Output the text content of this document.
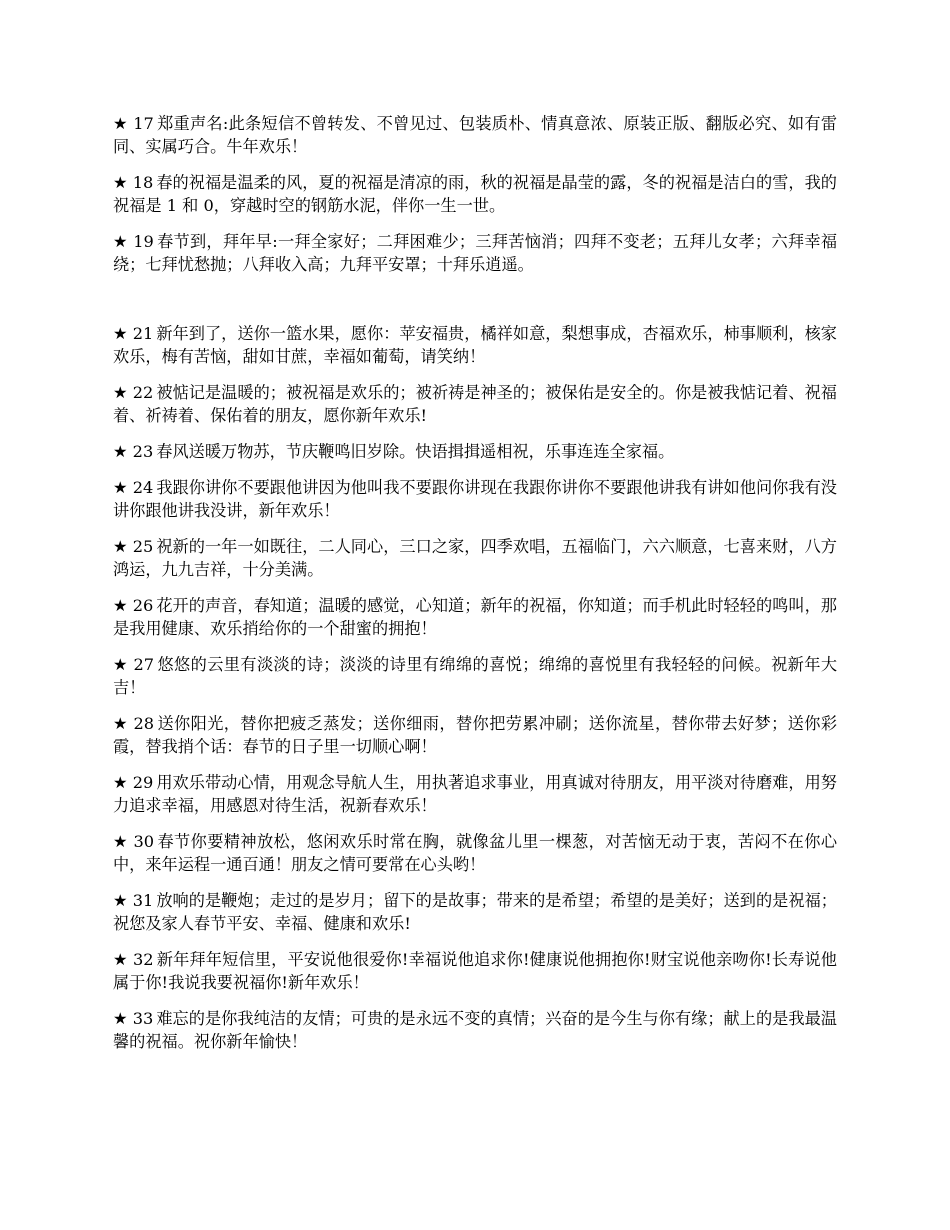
★ 17 郑重声名:此条短信不曾转发、不曾见过、包装质朴、情真意浓、原装正版、翻版必究、如有雷同、实属巧合。牛年欢乐！

★ 18 春的祝福是温柔的风，夏的祝福是清凉的雨，秋的祝福是晶莹的露，冬的祝福是洁白的雪，我的祝福是 1 和 0，穿越时空的钢筋水泥，伴你一生一世。

★ 19 春节到，拜年早:一拜全家好；二拜困难少；三拜苦恼消；四拜不变老；五拜儿女孝；六拜幸福绕；七拜忧愁抛；八拜收入高；九拜平安罩；十拜乐逍遥。

★ 21 新年到了，送你一篮水果，愿你：苹安福贵，橘祥如意，梨想事成，杏福欢乐，柿事顺利，核家欢乐，梅有苦恼，甜如甘蔗，幸福如葡萄，请笑纳！

★ 22 被惦记是温暖的；被祝福是欢乐的；被祈祷是神圣的；被保佑是安全的。你是被我惦记着、祝福着、祈祷着、保佑着的朋友，愿你新年欢乐!

★ 23 春风送暖万物苏，节庆鞭鸣旧岁除。快语揖揖遥相祝，乐事连连全家福。

★ 24 我跟你讲你不要跟他讲因为他叫我不要跟你讲现在我跟你讲你不要跟他讲我有讲如他问你我有没讲你跟他讲我没讲，新年欢乐！

★ 25 祝新的一年一如既往，二人同心，三口之家，四季欢唱，五福临门，六六顺意，七喜来财，八方鸿运，九九吉祥，十分美满。

★ 26 花开的声音，春知道；温暖的感觉，心知道；新年的祝福，你知道；而手机此时轻轻的鸣叫，那是我用健康、欢乐捎给你的一个甜蜜的拥抱！

★ 27 悠悠的云里有淡淡的诗；淡淡的诗里有绵绵的喜悦；绵绵的喜悦里有我轻轻的问候。祝新年大吉！

★ 28 送你阳光，替你把疲乏蒸发；送你细雨，替你把劳累冲刷；送你流星，替你带去好梦；送你彩霞，替我捎个话：春节的日子里一切顺心啊！

★ 29 用欢乐带动心情，用观念导航人生，用执著追求事业，用真诚对待朋友，用平淡对待磨难，用努力追求幸福，用感恩对待生活，祝新春欢乐！

★ 30 春节你要精神放松，悠闲欢乐时常在胸，就像盆儿里一棵葱，对苦恼无动于衷，苦闷不在你心中，来年运程一通百通！朋友之情可要常在心头哟！

★ 31 放响的是鞭炮；走过的是岁月；留下的是故事；带来的是希望；希望的是美好；送到的是祝福；祝您及家人春节平安、幸福、健康和欢乐!

★ 32 新年拜年短信里，平安说他很爱你!幸福说他追求你!健康说他拥抱你!财宝说他亲吻你!长寿说他属于你!我说我要祝福你!新年欢乐！

★ 33 难忘的是你我纯洁的友情；可贵的是永远不变的真情；兴奋的是今生与你有缘；献上的是我最温馨的祝福。祝你新年愉快！
